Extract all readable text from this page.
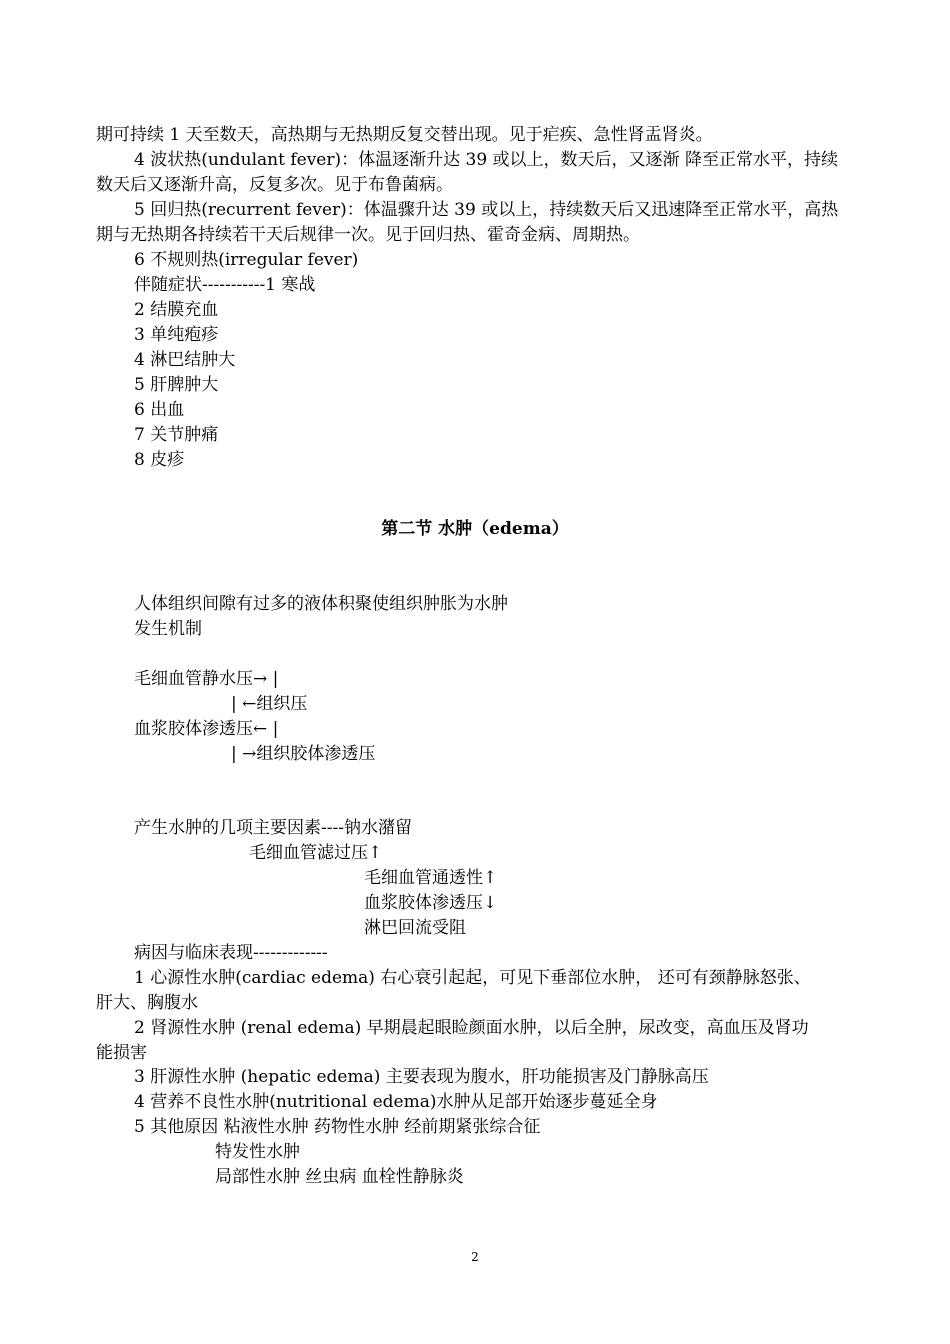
期可持续 1 天至数天，高热期与无热期反复交替出现。见于疟疾、急性肾盂肾炎。
4 波状热(undulant fever)：体温逐渐升达 39 或以上，数天后，又逐渐 降至正常水平，持续
数天后又逐渐升高，反复多次。见于布鲁菌病。
5 回归热(recurrent fever)：体温骤升达 39 或以上，持续数天后又迅速降至正常水平，高热
期与无热期各持续若干天后规律一次。见于回归热、霍奇金病、周期热。
6 不规则热(irregular fever)
伴随症状-----------1 寒战
2 结膜充血
3 单纯疱疹
4 淋巴结肿大
5 肝脾肿大
6 出血
7 关节肿痛
8 皮疹
第二节 水肿（edema）
人体组织间隙有过多的液体积聚使组织肿胀为水肿
发生机制
毛细血管静水压→ |
| ←组织压
血浆胶体渗透压← |
| →组织胶体渗透压
产生水肿的几项主要因素----钠水潴留
毛细血管滤过压↑
毛细血管通透性↑
血浆胶体渗透压↓
淋巴回流受阻
病因与临床表现-------------
1 心源性水肿(cardiac edema) 右心衰引起起，可见下垂部位水肿， 还可有颈静脉怒张、
肝大、胸腹水
2 肾源性水肿 (renal edema) 早期晨起眼睑颜面水肿，以后全肿，尿改变，高血压及肾功
能损害
3 肝源性水肿 (hepatic edema) 主要表现为腹水，肝功能损害及门静脉高压
4 营养不良性水肿(nutritional edema)水肿从足部开始逐步蔓延全身
5 其他原因 粘液性水肿 药物性水肿 经前期紧张综合征
特发性水肿
局部性水肿 丝虫病 血栓性静脉炎
2
